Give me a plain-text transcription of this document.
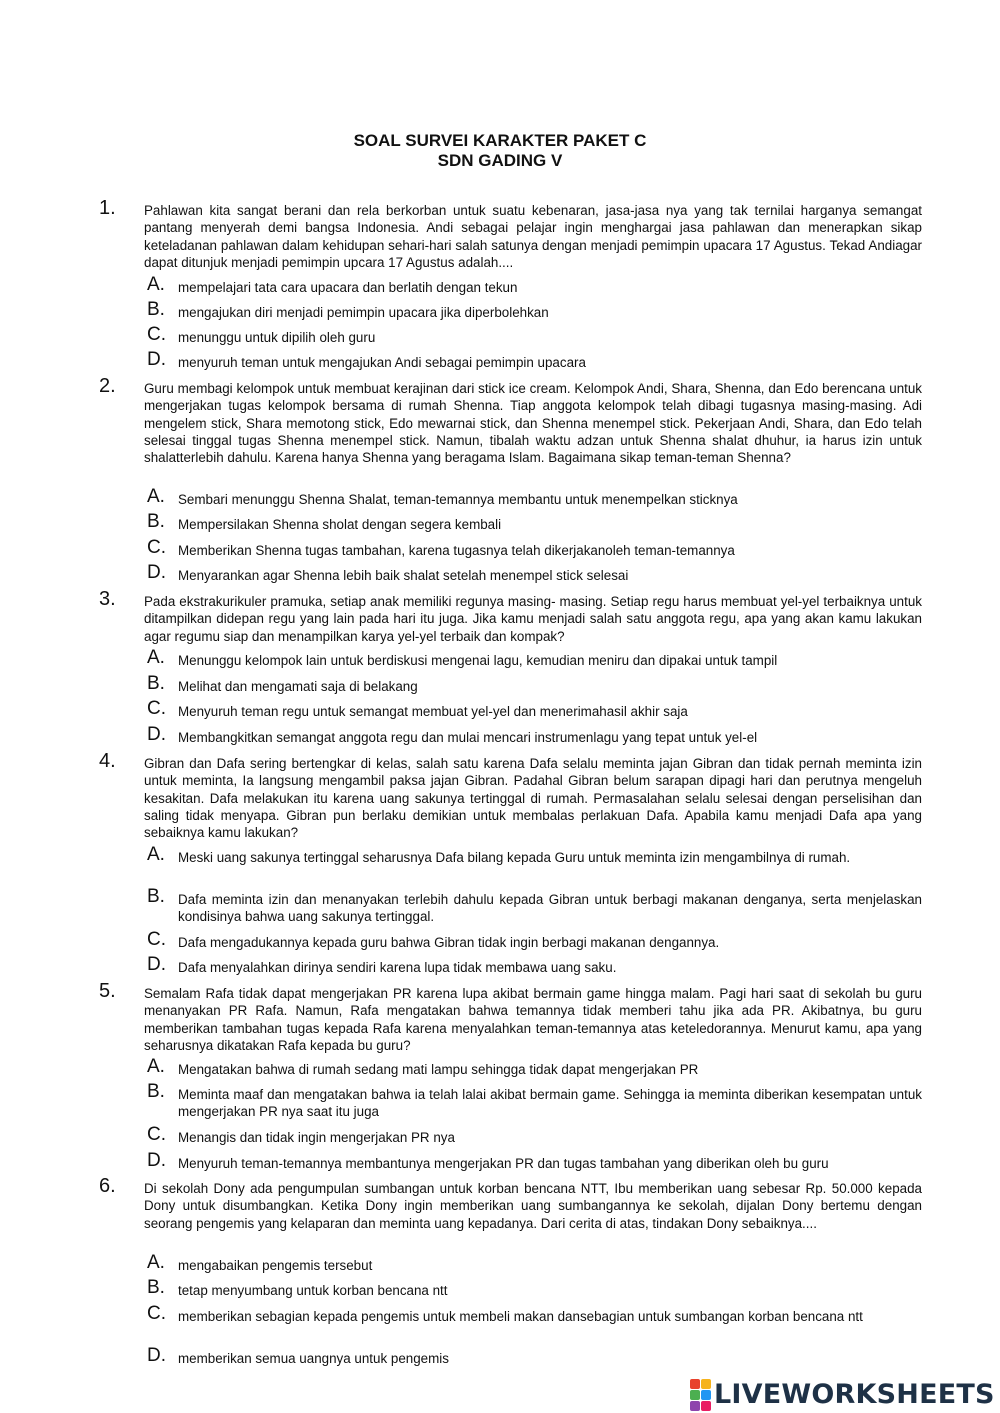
SOAL SURVEI KARAKTER PAKET C
SDN GADING V
1. Pahlawan kita sangat berani dan rela berkorban untuk suatu kebenaran, jasa-jasa nya yang tak ternilai harganya semangat pantang menyerah demi bangsa Indonesia. Andi sebagai pelajar ingin menghargai jasa pahlawan dan menerapkan sikap keteladanan pahlawan dalam kehidupan sehari-hari salah satunya dengan menjadi pemimpin upacara 17 Agustus. Tekad Andiagar dapat ditunjuk menjadi pemimpin upcara 17 Agustus adalah....
A. mempelajari tata cara upacara dan berlatih dengan tekun
B. mengajukan diri menjadi pemimpin upacara jika diperbolehkan
C. menunggu untuk dipilih oleh guru
D. menyuruh teman untuk mengajukan Andi sebagai pemimpin upacara
2. Guru membagi kelompok untuk membuat kerajinan dari stick ice cream. Kelompok Andi, Shara, Shenna, dan Edo berencana untuk mengerjakan tugas kelompok bersama di rumah Shenna. Tiap anggota kelompok telah dibagi tugasnya masing-masing. Adi mengelem stick, Shara memotong stick, Edo mewarnai stick, dan Shenna menempel stick. Pekerjaan Andi, Shara, dan Edo telah selesai tinggal tugas Shenna menempel stick. Namun, tibalah waktu adzan untuk Shenna shalat dhuhur, ia harus izin untuk shalatterlebih dahulu. Karena hanya Shenna yang beragama Islam. Bagaimana sikap teman-teman Shenna?
A. Sembari menunggu Shenna Shalat, teman-temannya membantu untuk menempelkan sticknya
B. Mempersilakan Shenna sholat dengan segera kembali
C. Memberikan Shenna tugas tambahan, karena tugasnya telah dikerjakanoleh teman-temannya
D. Menyarankan agar Shenna lebih baik shalat setelah menempel stick selesai
3. Pada ekstrakurikuler pramuka, setiap anak memiliki regunya masing- masing. Setiap regu harus membuat yel-yel terbaiknya untuk ditampilkan didepan regu yang lain pada hari itu juga. Jika kamu menjadi salah satu anggota regu, apa yang akan kamu lakukan agar regumu siap dan menampilkan karya yel-yel terbaik dan kompak?
A. Menunggu kelompok lain untuk berdiskusi mengenai lagu, kemudian meniru dan dipakai untuk tampil
B. Melihat dan mengamati saja di belakang
C. Menyuruh teman regu untuk semangat membuat yel-yel dan menerimahasil akhir saja
D. Membangkitkan semangat anggota regu dan mulai mencari instrumenlagu yang tepat untuk yel-el
4. Gibran dan Dafa sering bertengkar di kelas, salah satu karena Dafa selalu meminta jajan Gibran dan tidak pernah meminta izin untuk meminta, Ia langsung mengambil paksa jajan Gibran. Padahal Gibran belum sarapan dipagi hari dan perutnya mengeluh kesakitan. Dafa melakukan itu karena uang sakunya tertinggal di rumah. Permasalahan selalu selesai dengan perselisihan dan saling tidak menyapa. Gibran pun berlaku demikian untuk membalas perlakuan Dafa. Apabila kamu menjadi Dafa apa yang sebaiknya kamu lakukan?
A. Meski uang sakunya tertinggal seharusnya Dafa bilang kepada Guru untuk meminta izin mengambilnya di rumah.
B. Dafa meminta izin dan menanyakan terlebih dahulu kepada Gibran untuk berbagi makanan denganya, serta menjelaskan kondisinya bahwa uang sakunya tertinggal.
C. Dafa mengadukannya kepada guru bahwa Gibran tidak ingin berbagi makanan dengannya.
D. Dafa menyalahkan dirinya sendiri karena lupa tidak membawa uang saku.
5. Semalam Rafa tidak dapat mengerjakan PR karena lupa akibat bermain game hingga malam. Pagi hari saat di sekolah bu guru menanyakan PR Rafa. Namun, Rafa mengatakan bahwa temannya tidak memberi tahu jika ada PR. Akibatnya, bu guru memberikan tambahan tugas kepada Rafa karena menyalahkan teman-temannya atas keteledorannya. Menurut kamu, apa yang seharusnya dikatakan Rafa kepada bu guru?
A. Mengatakan bahwa di rumah sedang mati lampu sehingga tidak dapat mengerjakan PR
B. Meminta maaf dan mengatakan bahwa ia telah lalai akibat bermain game. Sehingga ia meminta diberikan kesempatan untuk mengerjakan PR nya saat itu juga
C. Menangis dan tidak ingin mengerjakan PR nya
D. Menyuruh teman-temannya membantunya mengerjakan PR dan tugas tambahan yang diberikan oleh bu guru
6. Di sekolah Dony ada pengumpulan sumbangan untuk korban bencana NTT, Ibu memberikan uang sebesar Rp. 50.000 kepada Dony untuk disumbangkan. Ketika Dony ingin memberikan uang sumbangannya ke sekolah, dijalan Dony bertemu dengan seorang pengemis yang kelaparan dan meminta uang kepadanya. Dari cerita di atas, tindakan Dony sebaiknya....
A. mengabaikan pengemis tersebut
B. tetap menyumbang untuk korban bencana ntt
C. memberikan sebagian kepada pengemis untuk membeli makan dansebagian untuk sumbangan korban bencana ntt
D. memberikan semua uangnya untuk pengemis
LIVEWORKSHEETS
